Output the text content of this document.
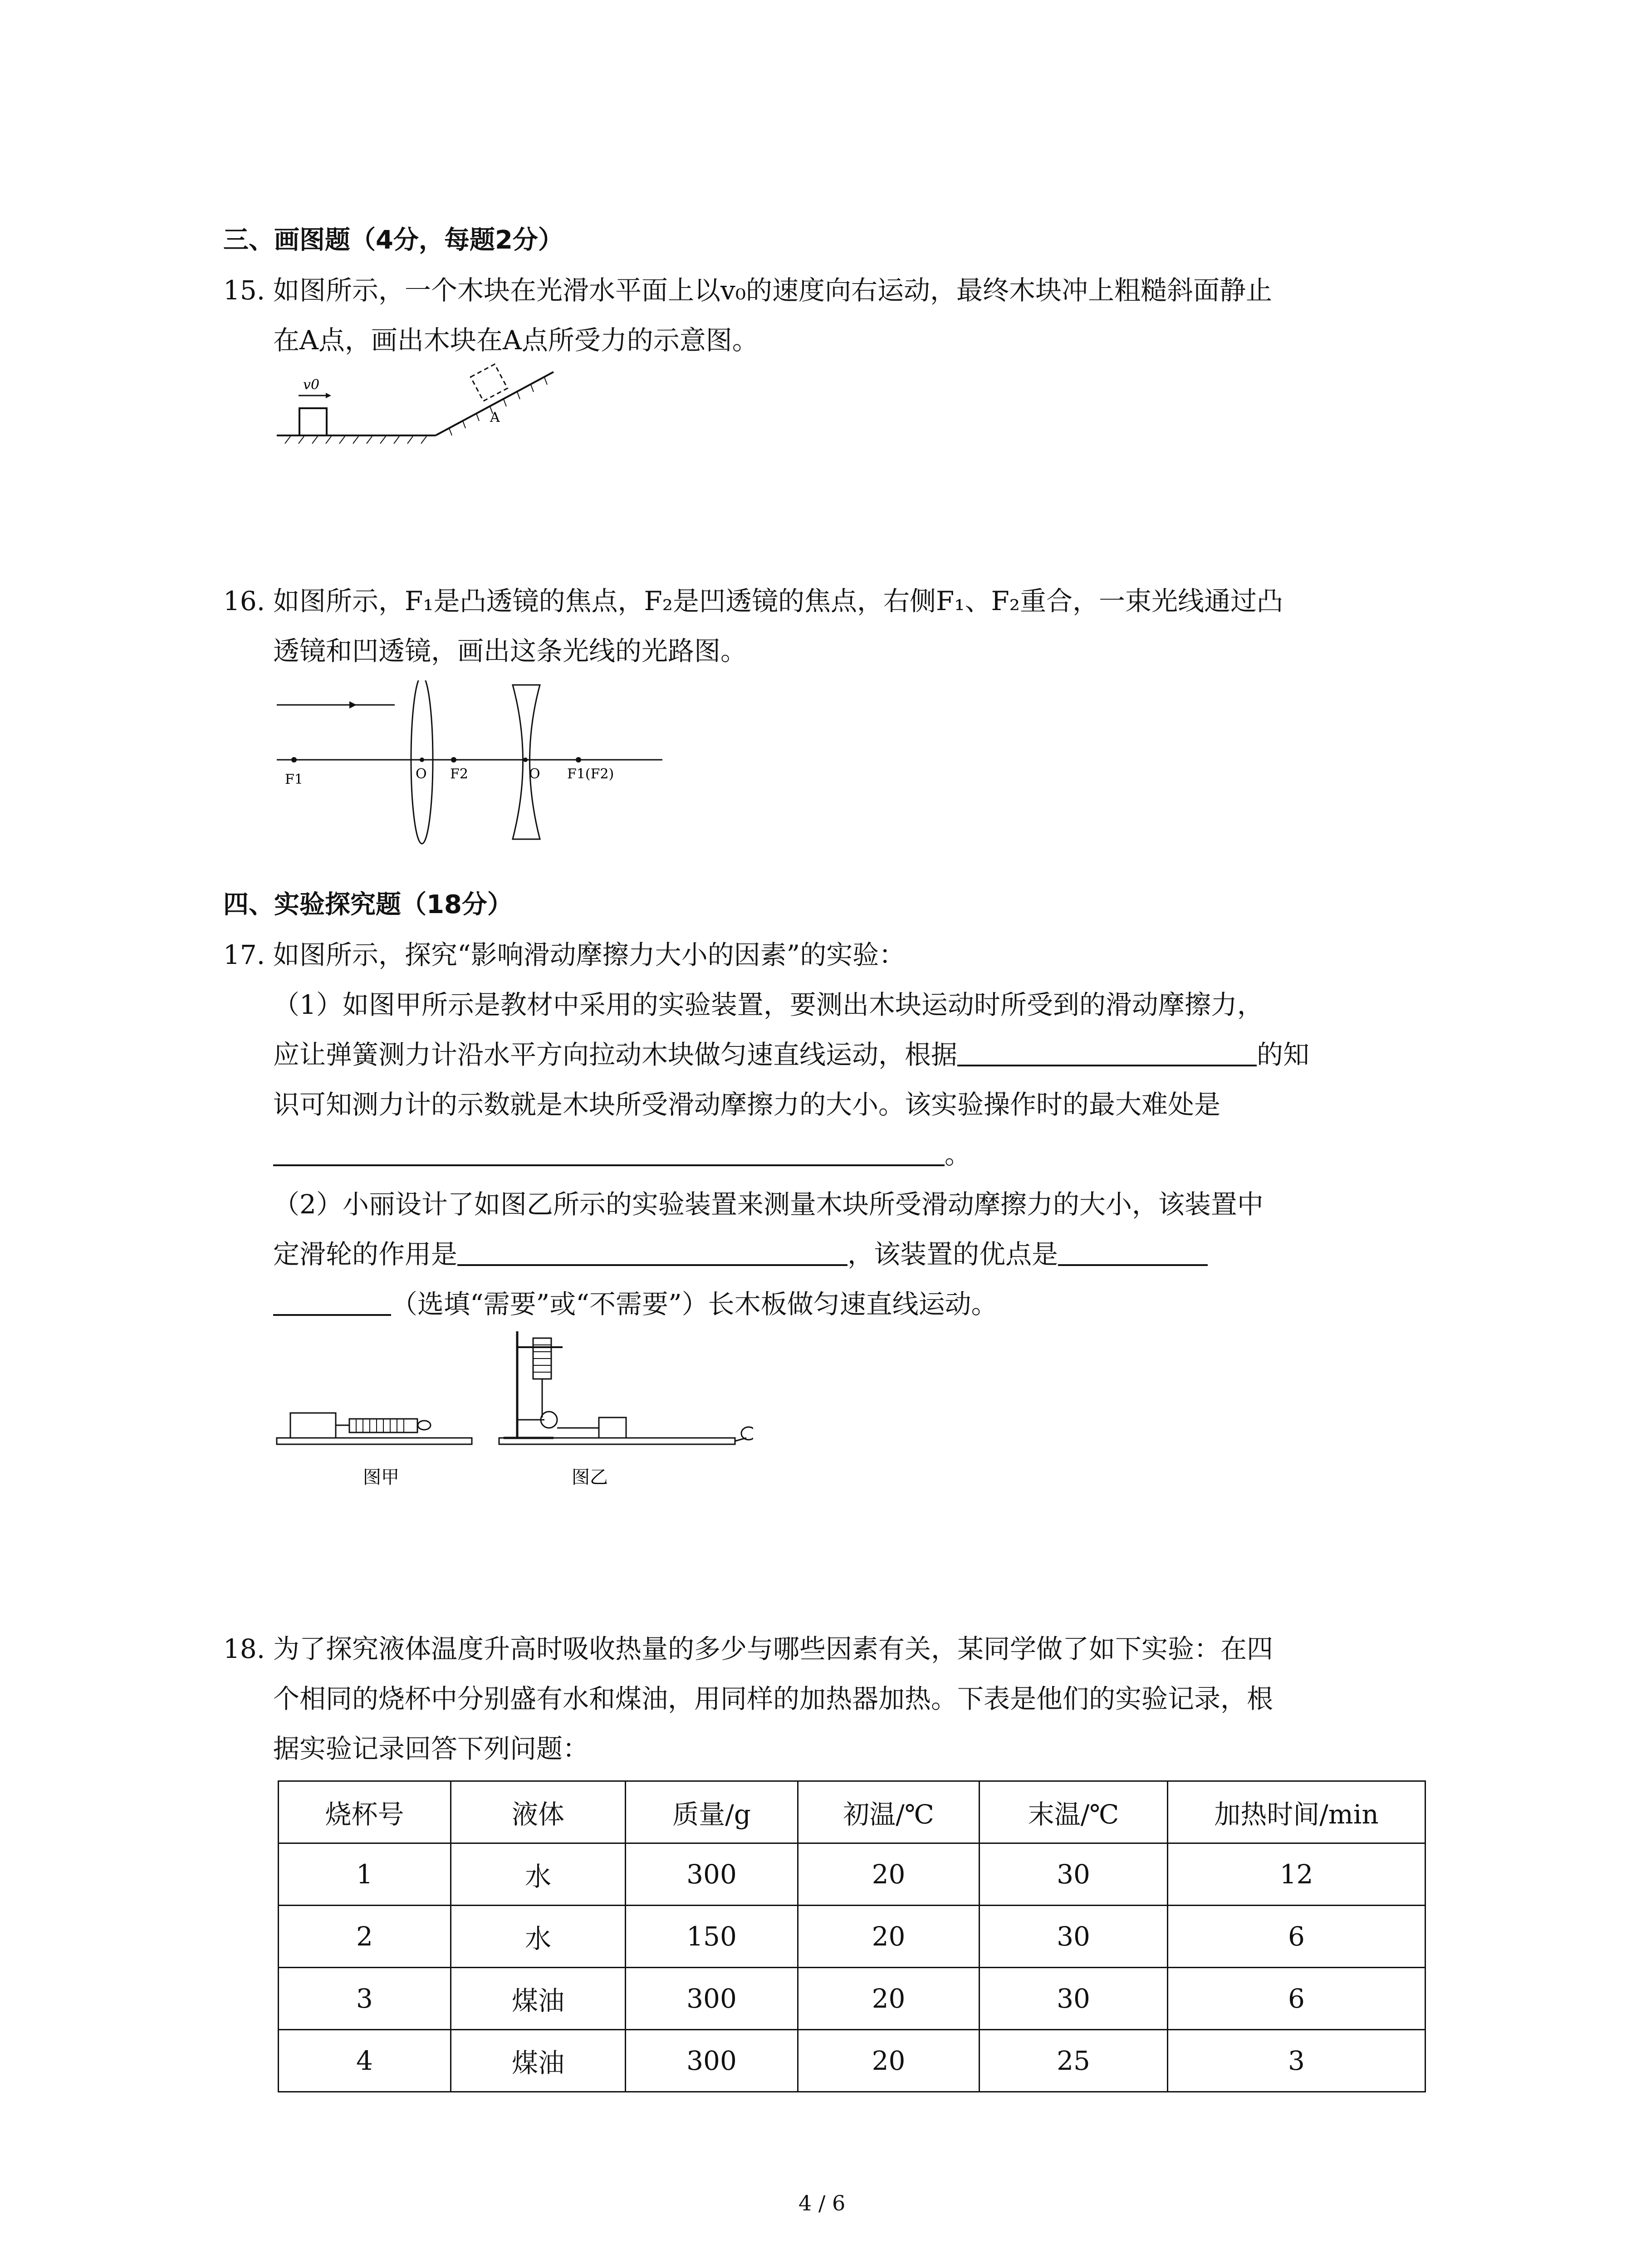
三、画图题（4分，每题2分）
15. 如图所示，一个木块在光滑水平面上以v₀的速度向右运动，最终木块冲上粗糙斜面静止
在A点，画出木块在A点所受力的示意图。
v0
A
16. 如图所示，F₁是凸透镜的焦点，F₂是凹透镜的焦点，右侧F₁、F₂重合，一束光线通过凸
透镜和凹透镜，画出这条光线的光路图。
F1	O F2	O F1(F2)
四、实验探究题（18分）
17. 如图所示，探究“影响滑动摩擦力大小的因素”的实验：
（1）如图甲所示是教材中采用的实验装置，要测出木块运动时所受到的滑动摩擦力，
应让弹簧测力计沿水平方向拉动木块做匀速直线运动，根据	的知
识可知测力计的示数就是木块所受滑动摩擦力的大小。该实验操作时的最大难处是
。
（2）小丽设计了如图乙所示的实验装置来测量木块所受滑动摩擦力的大小，该装置中
定滑轮的作用是	，该装置的优点是
（选填“需要”或“不需要”）长木板做匀速直线运动。
图甲	图乙
18. 为了探究液体温度升高时吸收热量的多少与哪些因素有关，某同学做了如下实验：在四
个相同的烧杯中分别盛有水和煤油，用同样的加热器加热。下表是他们的实验记录，根
据实验记录回答下列问题：
烧杯号	液体	质量/g	初温/℃	末温/℃	加热时间/min
1	水	300	20	30	12
2	水	150	20	30	6
3	煤油	300	20	30	6
4	煤油	300	20	25	3
4 / 6
